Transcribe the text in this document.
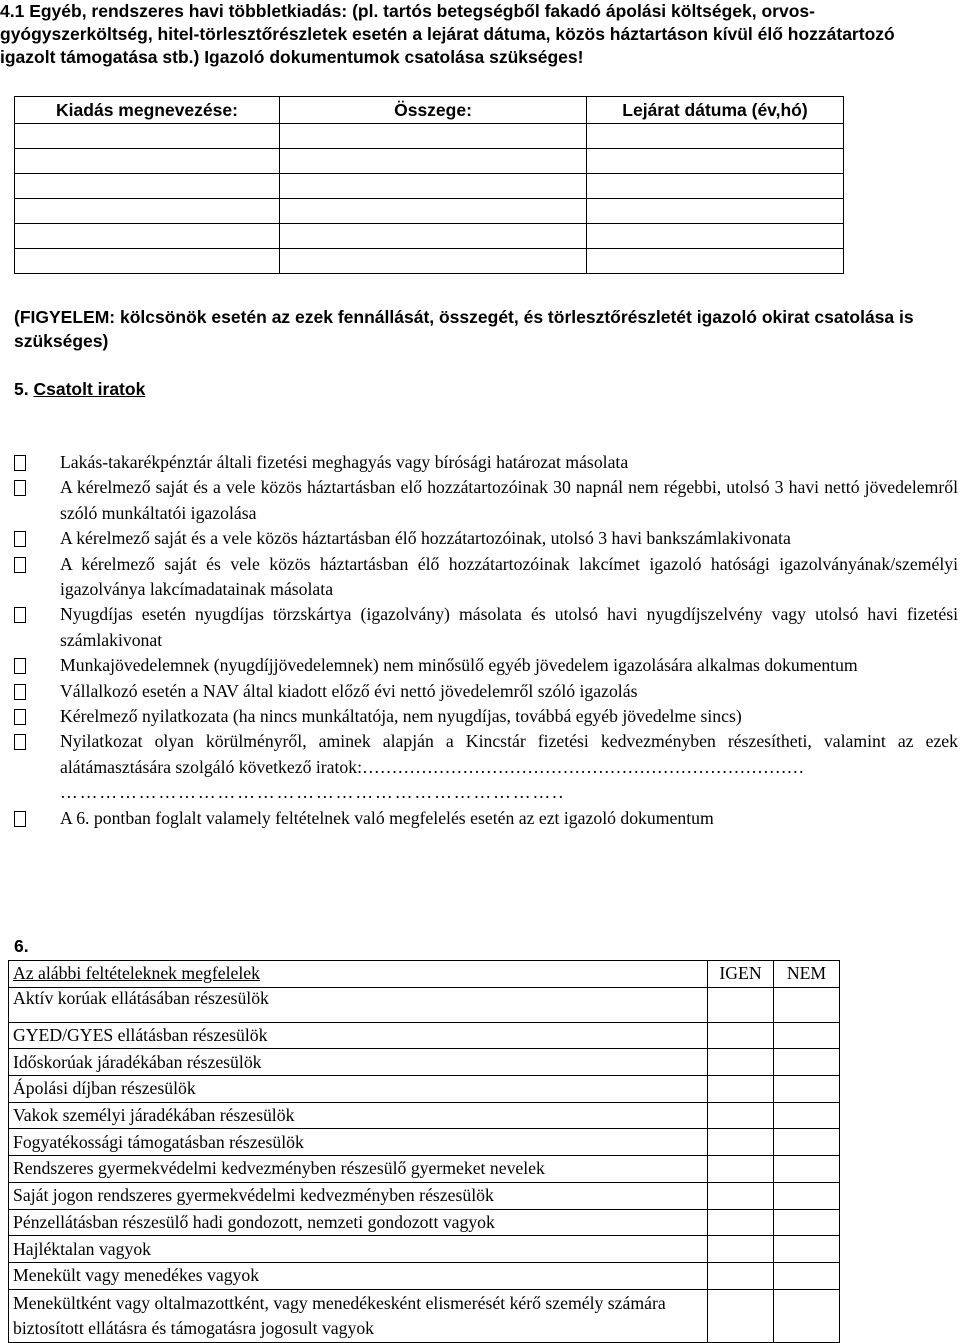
4.1 Egyéb, rendszeres havi többletkiadás: (pl. tartós betegségből fakadó ápolási költségek, orvos-gyógyszerköltség, hitel-törlesztőrészletek esetén a lejárat dátuma, közös háztartáson kívül élő hozzátartozó igazolt támogatása stb.) Igazoló dokumentumok csatolása szükséges!
Kiadás megnevezése:	Összege:	Lejárat dátuma (év,hó)

(FIGYELEM: kölcsönök esetén az ezek fennállását, összegét, és törlesztőrészletét igazoló okirat csatolása is szükséges)
5. Csatolt iratok
Lakás-takarékpénztár általi fizetési meghagyás vagy bírósági határozat másolata
A kérelmező saját és a vele közös háztartásban elő hozzátartozóinak 30 napnál nem régebbi, utolsó 3 havi nettó jövedelemről szóló munkáltatói igazolása
A kérelmező saját és a vele közös háztartásban élő hozzátartozóinak, utolsó 3 havi bankszámlakivonata
A kérelmező saját és vele közös háztartásban élő hozzátartozóinak lakcímet igazoló hatósági igazolványának/személyi igazolványa lakcímadatainak másolata
Nyugdíjas esetén nyugdíjas törzskártya (igazolvány) másolata és utolsó havi nyugdíjszelvény vagy utolsó havi fizetési számlakivonat
Munkajövedelemnek (nyugdíjjövedelemnek) nem minősülő egyéb jövedelem igazolására alkalmas dokumentum
Vállalkozó esetén a NAV által kiadott előző évi nettó jövedelemről szóló igazolás
Kérelmező nyilatkozata (ha nincs munkáltatója, nem nyugdíjas, továbbá egyéb jövedelme sincs)
Nyilatkozat olyan körülményről, aminek alapján a Kincstár fizetési kedvezményben részesítheti, valamint az ezek alátámasztására szolgáló következő iratok:…………………………………………………………………
…………………………………………………………………..
A 6. pontban foglalt valamely feltételnek való megfelelés esetén az ezt igazoló dokumentum
6.
Az alábbi feltételeknek megfelelek	IGEN	NEM
Aktív korúak ellátásában részesülök		
GYED/GYES ellátásban részesülök		
Időskorúak járadékában részesülök		
Ápolási díjban részesülök		
Vakok személyi járadékában részesülök		
Fogyatékossági támogatásban részesülök		
Rendszeres gyermekvédelmi kedvezményben részesülő gyermeket nevelek		
Saját jogon rendszeres gyermekvédelmi kedvezményben részesülök		
Pénzellátásban részesülő hadi gondozott, nemzeti gondozott vagyok		
Hajléktalan vagyok		
Menekült vagy menedékes vagyok		
Menekültként vagy oltalmazottként, vagy menedékesként elismerését kérő személy számára biztosított ellátásra és támogatásra jogosult vagyok		
